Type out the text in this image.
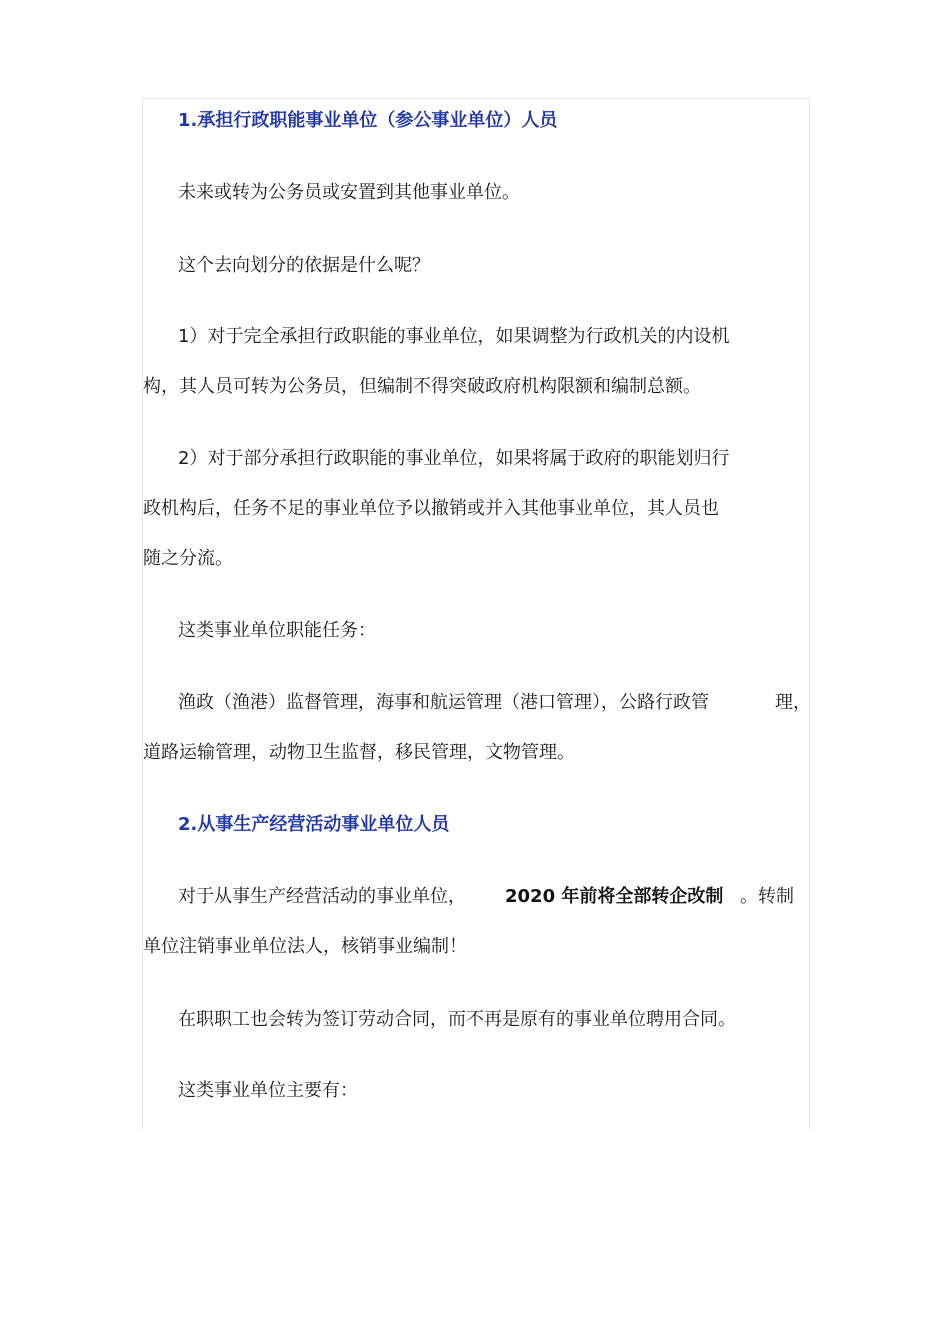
1.承担行政职能事业单位（参公事业单位）人员
未来或转为公务员或安置到其他事业单位。
这个去向划分的依据是什么呢？
1）对于完全承担行政职能的事业单位，如果调整为行政机关的内设机
构，其人员可转为公务员，但编制不得突破政府机构限额和编制总额。
2）对于部分承担行政职能的事业单位，如果将属于政府的职能划归行
政机构后，任务不足的事业单位予以撤销或并入其他事业单位，其人员也
随之分流。
这类事业单位职能任务：
渔政（渔港）监督管理，海事和航运管理（港口管理），公路行政管	理，
道路运输管理，动物卫生监督，移民管理，文物管理。
2.从事生产经营活动事业单位人员
对于从事生产经营活动的事业单位， 2020 年前将全部转企改制 。转制
单位注销事业单位法人，核销事业编制！
在职职工也会转为签订劳动合同，而不再是原有的事业单位聘用合同。
这类事业单位主要有：
